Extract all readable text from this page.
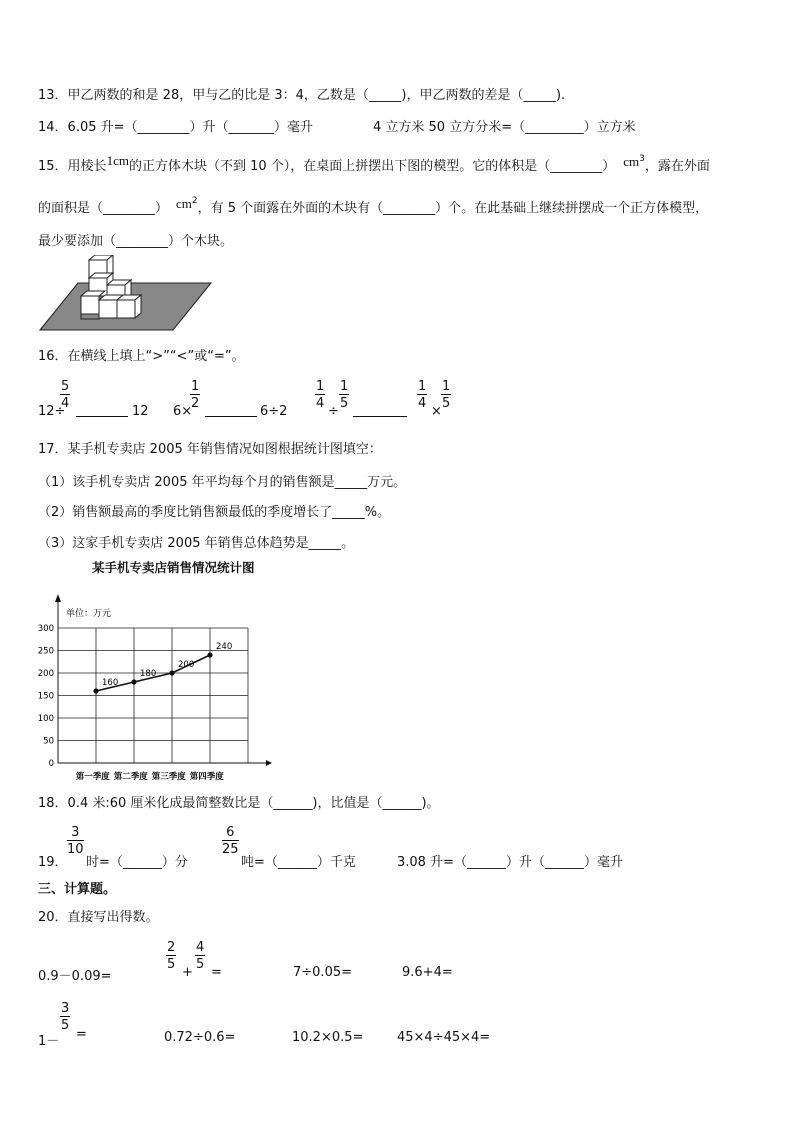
13．甲乙两数的和是 28，甲与乙的比是 3：4，乙数是（_____)，甲乙两数的差是（_____).
14．6.05 升=（________）升（_______）毫升	4 立方米 50 立方分米=（_________）立方米
15．用棱长1cm的正方体木块（不到 10 个），在桌面上拼摆出下图的模型。它的体积是（________） $cm^3$，露在外面
的面积是（________） $cm^2$，有 5 个面露在外面的木块有（________）个。在此基础上继续拼摆成一个正方体模型，
最少要添加（________）个木块。
16．在横线上填上“>”“<”或“=”。
12÷
$\frac{5}{4}$
12 6×
$\frac{1}{2}$
6÷2
$\frac{1}{4}$
÷
$\frac{1}{5}$	$\frac{1}{4}$
×
$\frac{1}{5}$
17．某手机专卖店 2005 年销售情况如图根据统计图填空：
（1）该手机专卖店 2005 年平均每个月的销售额是_____万元。
（2）销售额最高的季度比销售额最低的季度增长了_____%。
（3）这家手机专卖店 2005 年销售总体趋势是_____。
某手机专卖店销售情况统计图
0
50
100
150
200
250
300
第一季度 第二季度 第三季度 第四季度
160
180
200
240
单位：万元
18．0.4 米:60 厘米化成最简整数比是（______)，比值是（______)。
19．
$\frac{3}{10}$
时=（______）分
$\frac{6}{25}$
吨=（______）千克	3.08 升=（______）升（______）毫升
三、计算题。
20．直接写出得数。
0.9－0.09=
$\frac{2}{5}$
+
$\frac{4}{5}$
=	7÷0.05=	9.6+4=
1－
$\frac{3}{5}$
=	0.72÷0.6=	10.2×0.5=	45×4÷45×4=
